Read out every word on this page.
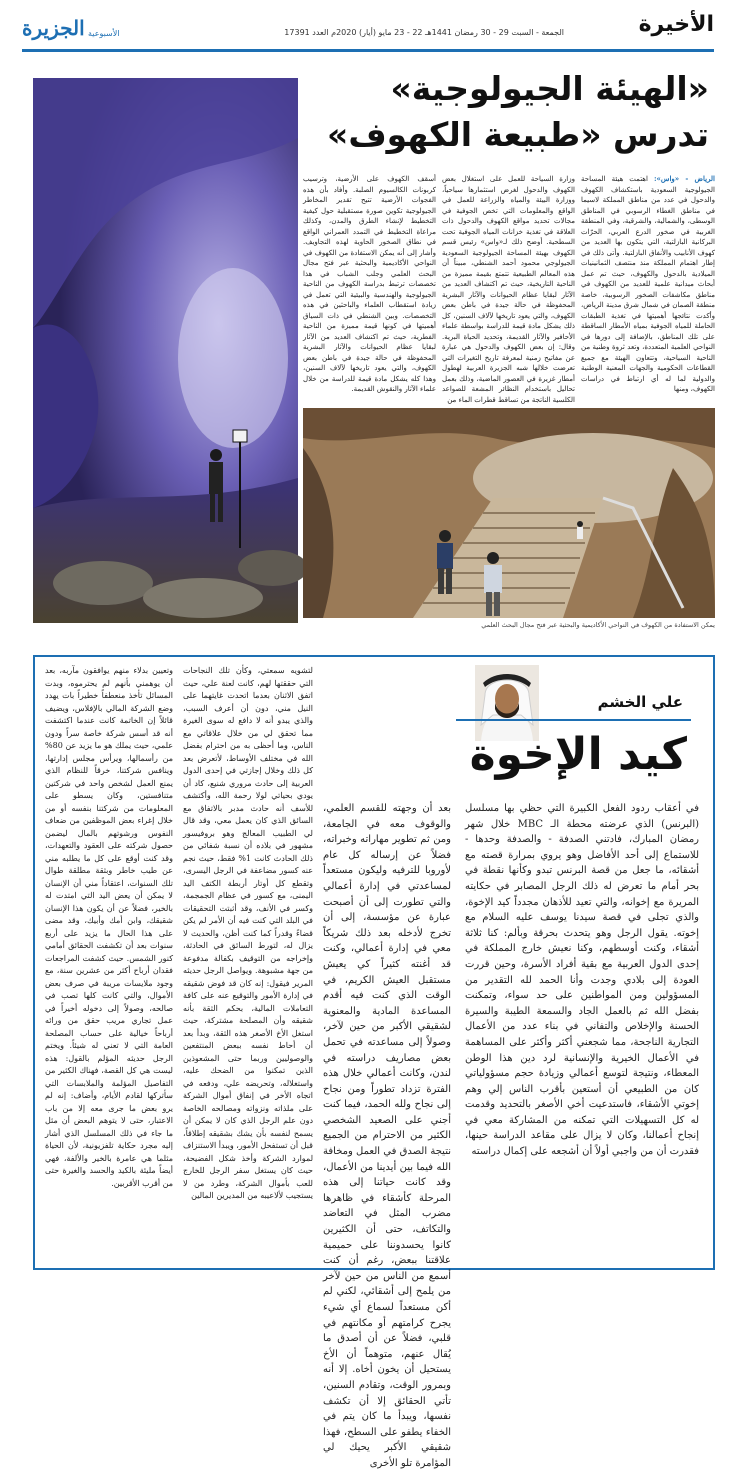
الأخيرة
الجمعة - السبت 29 - 30 رمضان 1441هـ 22 - 23 مايو (أيار) 2020م العدد 17391
الجزيرة الأسبوعية
«الهيئة الجيولوجية»
تدرس «طبيعة الكهوف»
يمكن الاستفادة من الكهوف في النواحي الأكاديمية والبحثية عبر فتح مجال البحث العلمي
الرياض - «واس»: اهتمت هيئة المساحة الجيولوجية السعودية باستكشاف الكهوف والدحول في عدد من مناطق المملكة لاسيما في مناطق الغطاء الرسوبي في المناطق الوسطى، والشمالية، والشرقية، وفي المنطقة الغربية في صخور الدرع العربي، الحرّات البركانية البازلتية، التي يتكون بها العديد من كهوف الأنابيب والأنفاق البازلتية. وأتى ذلك في إطار اهتمام المملكة منذ منتصف الثمانينيات الميلادية بالدحول والكهوف، حيث تم عمل أبحاث ميدانية علمية للعديد من الكهوف في مناطق مكاشفات الصخور الرسوبية، خاصة منطقة الصمان في شمال شرق مدينة الرياض، وأكدت نتائجها أهميتها في تغذية الطبقات الحاملة للمياه الجوفية بمياه الأمطار الساقطة على تلك المناطق، بالإضافة إلى دورها في النواحي العلمية المتعددة، وتعد ثروة وطنية من الناحية السياحية، وتتعاون الهيئة مع جميع القطاعات الحكومية والجهات المعنية الوطنية والدولية لما له أي ارتباط في دراسات الكهوف، ومنها
وزارة السياحة للعمل على استغلال بعض الكهوف والدحول لغرض استثمارها سياحياً، ووزارة البيئة والمياه والزراعة للعمل في الواقع والمعلومات التي تخص الجوفية في مجالات تحديد مواقع الكهوف والدحول ذات العلاقة في تغذية خزانات المياه الجوفية تحت السطحية. أوضح ذلك لـ«واس» رئيس قسم الكهوف بهيئة المساحة الجيولوجية السعودية الجيولوجي محمود أحمد الشنطي، مبيناً أن هذه المعالم الطبيعية تتمتع بقيمة مميزة من الناحية التاريخية، حيث تم اكتشاف العديد من الآثار لبقايا عظام الحيوانات والآثار البشرية المحفوظة في حالة جيدة في باطن بعض الكهوف، والتي يعود تاريخها لآلاف السنين، كل ذلك يشكل مادة قيمة للدراسة بواسطة علماء الأحافير والآثار القديمة، وتحديد الحياة البرية. وقال: إن بعض الكهوف والدحول هي عبارة عن مفاتيح زمنية لمعرفة تاريخ التغيرات التي تعرضت خلالها شبه الجزيرة العربية لهطول أمطار غزيرة في العصور الماضية، وذلك بعمل تحاليل باستخدام النظائر المشعة للصواعد الكلسية الناتجة من تساقط قطرات الماء من
أسقف الكهوف على الأرضية، وترسيب كربونات الكالسيوم الصلبة. وأفاد بأن هذه الفجوات الأرضية تتيح تقدير المخاطر الجيولوجية تكوين صورة مستقبلية حول كيفية التخطيط لإنشاء الطرق والمدن، وكذلك مراعاة التخطيط في التمدد العمراني الواقع في نطاق الصخور الحاوية لهذه التجاويف. وأشار إلى أنه يمكن الاستفادة من الكهوف في النواحي الأكاديمية والبحثية عبر فتح مجال البحث العلمي وجلب الشباب في هذا تخصصات ترتبط بدراسة الكهوف من الناحية الجيولوجية والهندسية والبيئية التي تعمل في زيادة استقطاب العلماء والباحثين في هذه التخصصات. وبين الشنطي في ذات السياق أهميتها في كونها قيمة مميزة من الناحية الفطرية، حيث تم اكتشاف العديد من الآثار لبقايا عظام الحيوانات والآثار البشرية المحفوظة في حالة جيدة في باطن بعض الكهوف، والتي يعود تاريخها لآلاف السنين، وهذا كله يشكل مادة قيمة للدراسة من خلال علماء الآثار والنقوش القديمة.
علي الخشم
كيد الإخوة
في أعقاب ردود الفعل الكبيرة التي حظي بها مسلسل (البرنس) الذي عرضته محطة الـ MBC خلال شهر رمضان المبارك، فادتني الصدفة - والصدفة وحدها - للاستماع إلى أحد الأفاضل وهو يروي بمرارة قصته مع أشقائه، ما جعل من قصة البرنس تبدو وكأنها نقطة في بحر أمام ما تعرض له ذلك الرجل المصابر في حكايته المريرة مع إخوانه، والتي تعيد للأذهان مجدداً كيد الإخوة، والذي تجلى في قصة سيدنا يوسف عليه السلام مع إخوته. يقول الرجل وهو يتحدث بحرقة وبألم: كنا ثلاثة أشقاء، وكنت أوسطهم، وكنا نعيش خارج المملكة في إحدى الدول العربية مع بقية أفراد الأسرة، وحين قررت العودة إلى بلادي وجدت وأنا الحمد لله التقدير من المسؤولين ومن المواطنين على حد سواء، وتمكنت بفضل الله ثم بالعمل الجاد والسمعة الطيبة والسيرة الحسنة والإخلاص والتفاني في بناء عدد من الأعمال التجارية الناجحة، مما شجعني أكثر وأكثر على المساهمة في الأعمال الخيرية والإنسانية لرد دين هذا الوطن المعطاء، ونتيجة لتوسع أعمالي وزيادة حجم مسؤولياتي كان من الطبيعي أن أستعين بأقرب الناس إلي وهم إخوتي الأشقاء، فاستدعيت أخي الأصغر بالتحديد وقدمت له كل التسهيلات التي تمكنه من المشاركة معي في إنجاح أعمالنا، وكان لا يزال على مقاعد الدراسة حينها، فقدرت أن من واجبي أولاً أن أشجعه على إكمال دراسته
بعد أن وجهته للقسم العلمي، والوقوف معه في الجامعة، ومن ثم تطوير مهاراته وخبراته، فضلاً عن إرساله كل عام لأوروبا للترفيه وليكون مستعداً لمساعدتي في إدارة أعمالي والتي تطورت إلى أن أصبحت عبارة عن مؤسسة، إلى أن تخرج لأدخله بعد ذلك شريكاً معي في إدارة أعمالي، وكنت قد أغنته كثيراً كي يعيش مستقبل العيش الكريم، في الوقت الذي كنت فيه أقدم المساعدة المادية والمعنوية لشقيقي الأكبر من حين لآخر، وصولاً إلى مساعدته في تحمل بعض مصاريف دراسته في لندن، وكانت أعمالي خلال هذه الفترة تزداد تطوراً ومن نجاح إلى نجاح ولله الحمد، فيما كنت أجني على الصعيد الشخصي الكثير من الاحترام من الجميع نتيجة الصدق في العمل ومخافة الله فيما بين أيدينا من الأعمال، وقد كانت حياتنا إلى هذه المرحلة كأشقاء في ظاهرها مضرب المثل في التعاضد والتكاتف، حتى أن الكثيرين كانوا يحسدوننا على حميمية علاقتنا ببعض، رغم أن كنت أسمع من الناس من حين لآخر من يلمح إلى أشقائي، لكني لم أكن مستعداً لسماع أي شيء يجرح كرامتهم أو مكانتهم في قلبي، فضلاً عن أن أصدق ما يُقال عنهم، متوهماً أن الأخ يستحيل أن يخون أخاه. إلا أنه وبمرور الوقت، وتقادم السنين، تأتي الحقائق إلا أن تكشف نفسها، ويبدأ ما كان يتم في الخفاء يطفو على السطح، فهذا شقيقي الأكبر يحيك لي المؤامرة تلو الأخرى
لتشويه سمعتي، وكأن تلك النجاحات التي حققتها لهم، كانت لعنة علي، حيث اتفق الاثنان بعدما اتحدت غايتهما على النيل مني، دون أن أعرف السبب، والذي يبدو أنه لا دافع له سوى الغيرة مما تحقق لي من خلال علاقاتي مع الناس، وما أحظى به من احترام بفضل الله في مختلف الأوساط، لأتعرض بعد كل ذلك وخلال إجازتي في إحدى الدول العربية إلى حادث مروري شنيع، كاد أن يودي بحياتي لولا رحمة الله، وأكتشف للأسف أنه حادث مدبر بالاتفاق مع السائق الذي كان يعمل معي، وقد قال لي الطبيب المعالج وهو بروفيسور مشهور في بلاده أن نسبة شفائي من ذلك الحادث كانت 1% فقط، حيث نجم عنه كسور مضاعفة في الرجل اليسرى، وتقطع كل أوتار أربطة الكتف اليد اليمنى، مع كسور في عظام الجمجمة، وكسر في الأنف، وقد أثبتت التحقيقات في البلد التي كنت فيه أن الأمر لم يكن قضاءً وقدراً كما كنت أظن، والحديث لا يزال له، لتورط السائق في الحادثة، وإخراجه من التوقيف بكفالة مدفوعة من جهة مشبوهة. ويواصل الرجل حديثه المرير فيقول: إنه كان قد فوض شقيقه في إدارة الأمور والتوقيع عنه على كافة التعاملات المالية، بحكم الثقة بأنه شقيقه وأن المصلحة مشتركة، حيث استغل الأخ الأصغر هذه الثقة، وبدأ بعد أن أحاط نفسه ببعض المنتفعين والوصوليين وربما حتى المشعوذين الذين تمكنوا من الضحك عليه، واستغلاله، وتحريضه علي، ودفعه في اتجاه الأخر في إنفاق أموال الشركة على ملذاته ونزواته ومصالحه الخاصة دون علم الرجل الذي كان لا يمكن أن يسمح لنفسه بأن يشك بشقيقه إطلاقاً، قبل أن تستفحل الأمور، ويبدأ الاستنزاف لموارد الشركة وأخذ شكل الفضيحة، حيث كان يستغل سفر الرجل للخارج للعب بأموال الشركة، وطرد من لا يستجيب لألاعيبه من المديرين المالين
وتعيين بدلاء منهم يوافقون مآربه، بعد أن يوهمني بأنهم لم يحترموه، وبدت المسائل تأخذ منعطفاً خطيراً بات يهدد وضع الشركة المالي بالإفلاس، ويضيف قائلاً إن الخاتمة كانت عندما اكتشفت أنه قد أسس شركة خاصة سراً ودون علمي، حيث يملك هو ما يزيد عن 80% من رأسمالها، ويرأس مجلس إدارتها، وينافس شركتنا، خرقاً للنظام الذي يمنع العمل لشخص واحد في شركتين متنافستين، وكان يسطو على المعلومات من شركتنا بنفسه أو من خلال إغراء بعض الموظفين من ضعاف النفوس ورشوتهم بالمال ليضمن حصول شركته على العقود والتعهدات، وقد كنت أوقع على كل ما يطلبه مني عن طيب خاطر وبثقة مطلقة طوال تلك السنوات، اعتقاداً مني أن الإنسان لا يمكن أن يعض اليد التي امتدت له بالخير، فضلاً عن أن يكون هذا الإنسان شقيقك، وابن أمك وأبيك، وقد مضى على هذا الحال ما يزيد على أربع سنوات بعد أن تكشفت الحقائق أمامي كنور الشمس. حيث كشفت المراجعات فقدان أرباح أكثر من عشرين سنة، مع وجود ملايسات مريبة في صرف بعض الأموال، والتي كانت كلها تصب في صالحه، وصولاً إلى دخوله أخيراً في عمل تجاري مريب حقق من ورائه أرباحاً خيالية على حساب المصلحة العامة التي لا تعني له شيئاً. ويختم الرجل حديثه المؤلم بالقول: هذه ليست هي كل القصة، فهناك الكثير من التفاصيل المؤلمة والملابسات التي سأتركها لقادم الأيام، وأضاف: إنه لم يرو بعض ما جرى معه إلا من باب الاعتبار، حتى لا يتوهم البعض أن مثل ما جاء في ذلك المسلسل الذي أشار إليه مجرد حكاية تلفزيونية، لأن الحياة مثلما هي عامرة بالخير والألفة، فهي أيضاً مليئة بالكيد والحسد والغيرة حتى من أقرب الأقربين.
